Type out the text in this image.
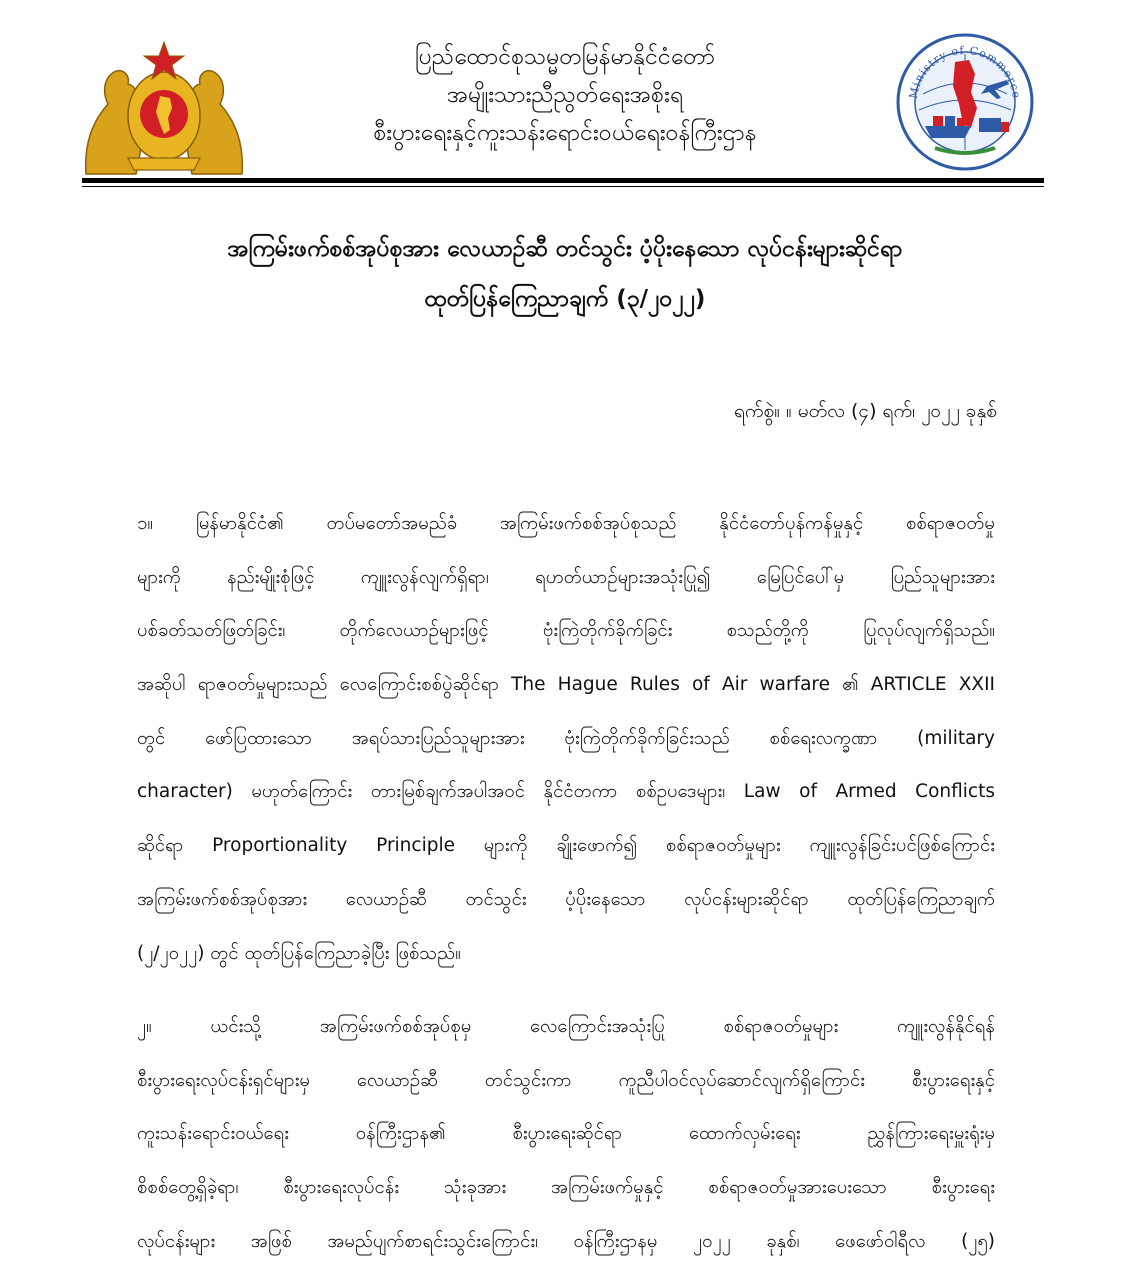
ပြည်ထောင်စုသမ္မတမြန်မာနိုင်ငံတော်
အမျိုးသားညီညွတ်ရေးအစိုးရ
စီးပွားရေးနှင့်ကူးသန်းရောင်းဝယ်ရေးဝန်ကြီးဌာန
Ministry of Commerce
အကြမ်းဖက်စစ်အုပ်စုအား လေယာဉ်ဆီ တင်သွင်း ပံ့ပိုးနေသော လုပ်ငန်းများဆိုင်ရာ
ထုတ်ပြန်ကြေညာချက် (၃/၂၀၂၂)
ရက်စွဲ။ ။ မတ်လ (၄) ရက်၊ ၂၀၂၂ ခုနှစ်
၁။ မြန်မာနိုင်ငံ၏ တပ်မတော်အမည်ခံ အကြမ်းဖက်စစ်အုပ်စုသည် နိုင်ငံတော်ပုန်ကန်မှုနှင့် စစ်ရာဇဝတ်မှု
များကို နည်းမျိုးစုံဖြင့် ကျူးလွန်လျက်ရှိရာ၊ ရဟတ်ယာဉ်များအသုံးပြု၍ မြေပြင်ပေါ်မှ ပြည်သူများအား
ပစ်ခတ်သတ်ဖြတ်ခြင်း၊ တိုက်လေယာဉ်များဖြင့် ဗုံးကြဲတိုက်ခိုက်ခြင်း စသည်တို့ကို ပြုလုပ်လျက်ရှိသည်။
အဆိုပါ ရာဇဝတ်မှုများသည် လေကြောင်းစစ်ပွဲဆိုင်ရာ The Hague Rules of Air warfare ၏ ARTICLE XXII
တွင် ဖော်ပြထားသော အရပ်သားပြည်သူများအား ဗုံးကြဲတိုက်ခိုက်ခြင်းသည် စစ်ရေးလက္ခဏာ (military
character) မဟုတ်ကြောင်း တားမြစ်ချက်အပါအဝင် နိုင်ငံတကာ စစ်ဥပဒေများ၊ Law of Armed Conflicts
ဆိုင်ရာ Proportionality Principle များကို ချိုးဖောက်၍ စစ်ရာဇဝတ်မှုများ ကျူးလွန်ခြင်းပင်ဖြစ်ကြောင်း
အကြမ်းဖက်စစ်အုပ်စုအား လေယာဉ်ဆီ တင်သွင်း ပံ့ပိုးနေသော လုပ်ငန်းများဆိုင်ရာ ထုတ်ပြန်ကြေညာချက်
(၂/၂၀၂၂) တွင် ထုတ်ပြန်ကြေညာခဲ့ပြီး ဖြစ်သည်။
၂။ ယင်းသို့ အကြမ်းဖက်စစ်အုပ်စုမှ လေကြောင်းအသုံးပြု စစ်ရာဇဝတ်မှုများ ကျူးလွန်နိုင်ရန်
စီးပွားရေးလုပ်ငန်းရှင်များမှ လေယာဉ်ဆီ တင်သွင်းကာ ကူညီပါဝင်လုပ်ဆောင်လျက်ရှိကြောင်း စီးပွားရေးနှင့်
ကူးသန်းရောင်းဝယ်ရေး ဝန်ကြီးဌာန၏ စီးပွားရေးဆိုင်ရာ ထောက်လှမ်းရေး ညွှန်ကြားရေးမှူးရုံးမှ
စိစစ်တွေ့ရှိခဲ့ရာ၊ စီးပွားရေးလုပ်ငန်း သုံးခုအား အကြမ်းဖက်မှုနှင့် စစ်ရာဇဝတ်မှုအားပေးသော စီးပွားရေး
လုပ်ငန်းများ အဖြစ် အမည်ပျက်စာရင်းသွင်းကြောင်း၊ ဝန်ကြီးဌာနမှ ၂၀၂၂ ခုနှစ်၊ ဖေဖော်ဝါရီလ (၂၅)
